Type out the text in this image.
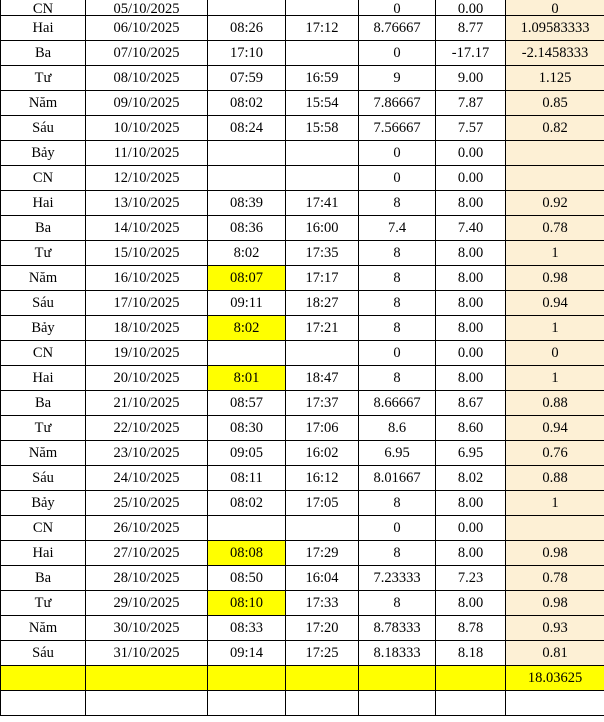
CN	05/10/2025			0	0.00	0
Hai	06/10/2025	08:26	17:12	8.76667	8.77	1.09583333
Ba	07/10/2025	17:10		0	-17.17	-2.1458333
Tư	08/10/2025	07:59	16:59	9	9.00	1.125
Năm	09/10/2025	08:02	15:54	7.86667	7.87	0.85
Sáu	10/10/2025	08:24	15:58	7.56667	7.57	0.82
Bảy	11/10/2025			0	0.00	
CN	12/10/2025			0	0.00	
Hai	13/10/2025	08:39	17:41	8	8.00	0.92
Ba	14/10/2025	08:36	16:00	7.4	7.40	0.78
Tư	15/10/2025	8:02	17:35	8	8.00	1
Năm	16/10/2025	08:07	17:17	8	8.00	0.98
Sáu	17/10/2025	09:11	18:27	8	8.00	0.94
Bảy	18/10/2025	8:02	17:21	8	8.00	1
CN	19/10/2025			0	0.00	0
Hai	20/10/2025	8:01	18:47	8	8.00	1
Ba	21/10/2025	08:57	17:37	8.66667	8.67	0.88
Tư	22/10/2025	08:30	17:06	8.6	8.60	0.94
Năm	23/10/2025	09:05	16:02	6.95	6.95	0.76
Sáu	24/10/2025	08:11	16:12	8.01667	8.02	0.88
Bảy	25/10/2025	08:02	17:05	8	8.00	1
CN	26/10/2025			0	0.00	
Hai	27/10/2025	08:08	17:29	8	8.00	0.98
Ba	28/10/2025	08:50	16:04	7.23333	7.23	0.78
Tư	29/10/2025	08:10	17:33	8	8.00	0.98
Năm	30/10/2025	08:33	17:20	8.78333	8.78	0.93
Sáu	31/10/2025	09:14	17:25	8.18333	8.18	0.81
						18.03625
